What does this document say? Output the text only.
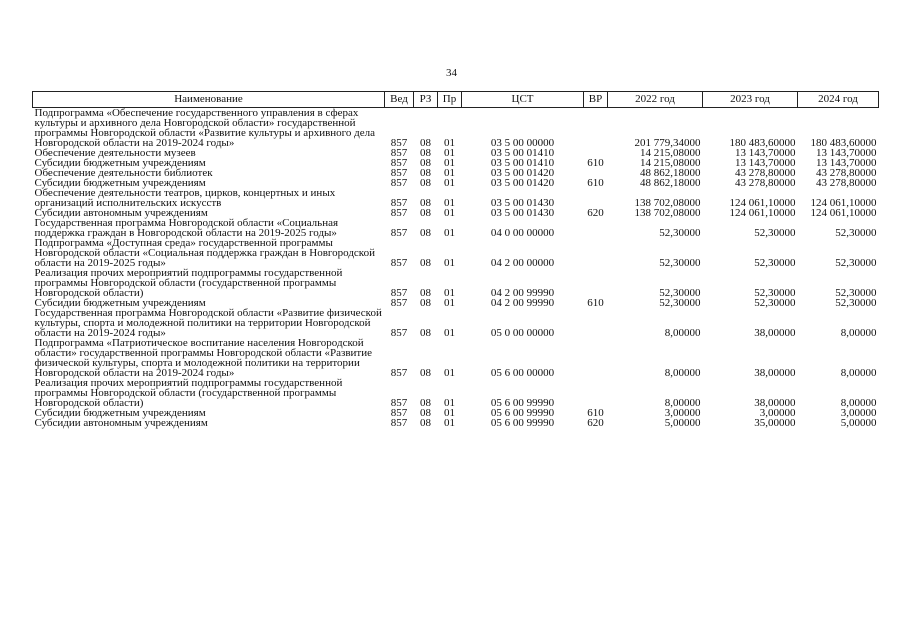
34
Наименование	Вед	РЗ	Пр	ЦСТ	ВР	2022 год	2023 год	2024 год
Подпрограмма «Обеспечение государственного управления в сферах культуры и архивного дела Новгородской области» государственной программы Новгородской области «Развитие культуры и архивного дела Новгородской области на 2019-2024 годы»	857	08	01	03 5 00 00000		201 779,34000	180 483,60000	180 483,60000
Обеспечение деятельности музеев	857	08	01	03 5 00 01410		14 215,08000	13 143,70000	13 143,70000
Субсидии бюджетным учреждениям	857	08	01	03 5 00 01410	610	14 215,08000	13 143,70000	13 143,70000
Обеспечение деятельности библиотек	857	08	01	03 5 00 01420		48 862,18000	43 278,80000	43 278,80000
Субсидии бюджетным учреждениям	857	08	01	03 5 00 01420	610	48 862,18000	43 278,80000	43 278,80000
Обеспечение деятельности театров, цирков, концертных и иных организаций исполнительских искусств	857	08	01	03 5 00 01430		138 702,08000	124 061,10000	124 061,10000
Субсидии автономным учреждениям	857	08	01	03 5 00 01430	620	138 702,08000	124 061,10000	124 061,10000
Государственная программа Новгородской области «Социальная поддержка граждан в Новгородской области на 2019-2025 годы»	857	08	01	04 0 00 00000		52,30000	52,30000	52,30000
Подпрограмма «Доступная среда» государственной программы Новгородской области «Социальная поддержка граждан в Новгородской области на 2019-2025 годы»	857	08	01	04 2 00 00000		52,30000	52,30000	52,30000
Реализация прочих мероприятий подпрограммы государственной программы Новгородской области (государственной программы Новгородской области)	857	08	01	04 2 00 99990		52,30000	52,30000	52,30000
Субсидии бюджетным учреждениям	857	08	01	04 2 00 99990	610	52,30000	52,30000	52,30000
Государственная программа Новгородской области «Развитие физической культуры, спорта и молодежной политики на территории Новгородской области на 2019-2024 годы»	857	08	01	05 0 00 00000		8,00000	38,00000	8,00000
Подпрограмма «Патриотическое воспитание населения Новгородской области» государственной программы Новгородской области «Развитие физической культуры, спорта и молодежной политики на территории Новгородской области на 2019-2024 годы»	857	08	01	05 6 00 00000		8,00000	38,00000	8,00000
Реализация прочих мероприятий подпрограммы государственной программы Новгородской области (государственной программы Новгородской области)	857	08	01	05 6 00 99990		8,00000	38,00000	8,00000
Субсидии бюджетным учреждениям	857	08	01	05 6 00 99990	610	3,00000	3,00000	3,00000
Субсидии автономным учреждениям	857	08	01	05 6 00 99990	620	5,00000	35,00000	5,00000
